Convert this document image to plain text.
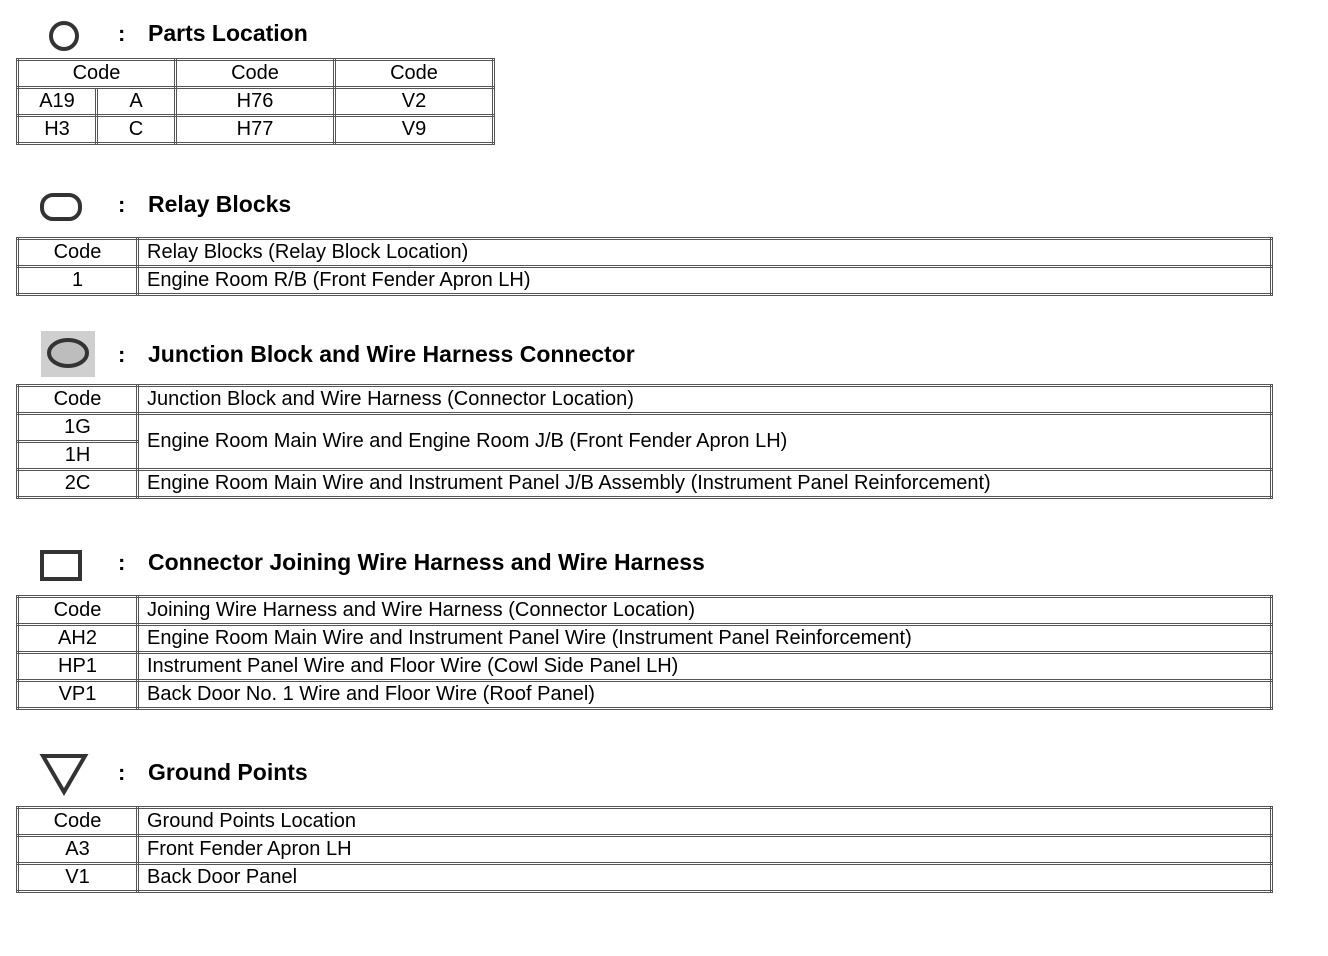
: Parts Location
Code		Code	Code
A19	A	H76	V2
H3	C	H77	V9
: Relay Blocks
Code	Relay Blocks (Relay Block Location)
1	Engine Room R/B (Front Fender Apron LH)
: Junction Block and Wire Harness Connector
Code	Junction Block and Wire Harness (Connector Location)
1G	Engine Room Main Wire and Engine Room J/B (Front Fender Apron LH)
1H	
2C	Engine Room Main Wire and Instrument Panel J/B Assembly (Instrument Panel Reinforcement)
: Connector Joining Wire Harness and Wire Harness
Code	Joining Wire Harness and Wire Harness (Connector Location)
AH2	Engine Room Main Wire and Instrument Panel Wire (Instrument Panel Reinforcement)
HP1	Instrument Panel Wire and Floor Wire (Cowl Side Panel LH)
VP1	Back Door No. 1 Wire and Floor Wire (Roof Panel)
: Ground Points
Code	Ground Points Location
A3	Front Fender Apron LH
V1	Back Door Panel
